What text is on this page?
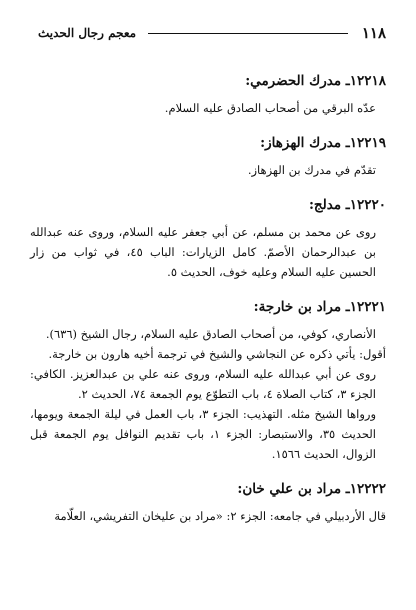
١١٨
معجم رجال الحديث

١٢٢١٨ـ مدرك الحضرمي:

عدّه البرقي من أصحاب الصادق عليه السلام.

١٢٢١٩ـ مدرك الهزهاز:

تقدّم في مدرك بن الهزهاز.

١٢٢٢٠ـ مدلج:

روى عن محمد بن مسلم، عن أبي جعفر عليه السلام، وروى عنه عبدالله بن عبدالرحمان الأصمّ. كامل الزيارات: الباب ٤٥، في ثواب من زار الحسين عليه السلام وعليه خوف، الحديث ٥.

١٢٢٢١ـ مراد بن خارجة:

الأنصاري، كوفي، من أصحاب الصادق عليه السلام، رجال الشيخ (٦٣٦).

أقول: يأتي ذكره عن النجاشي والشيخ في ترجمة أخيه هارون بن خارجة.

روى عن أبي عبدالله عليه السلام، وروى عنه علي بن عبدالعزيز. الكافي: الجزء ٣، كتاب الصلاة ٤، باب التطوّع يوم الجمعة ٧٤، الحديث ٢.

ورواها الشيخ مثله. التهذيب: الجزء ٣، باب العمل في ليلة الجمعة ويومها، الحديث ٣٥، والاستبصار: الجزء ١، باب تقديم النوافل يوم الجمعة قبل الزوال، الحديث ١٥٦٦.

١٢٢٢٢ـ مراد بن علي خان:

قال الأردبيلي في جامعه: الجزء ٢: «مراد بن عليخان التفريشي، العلّامة
